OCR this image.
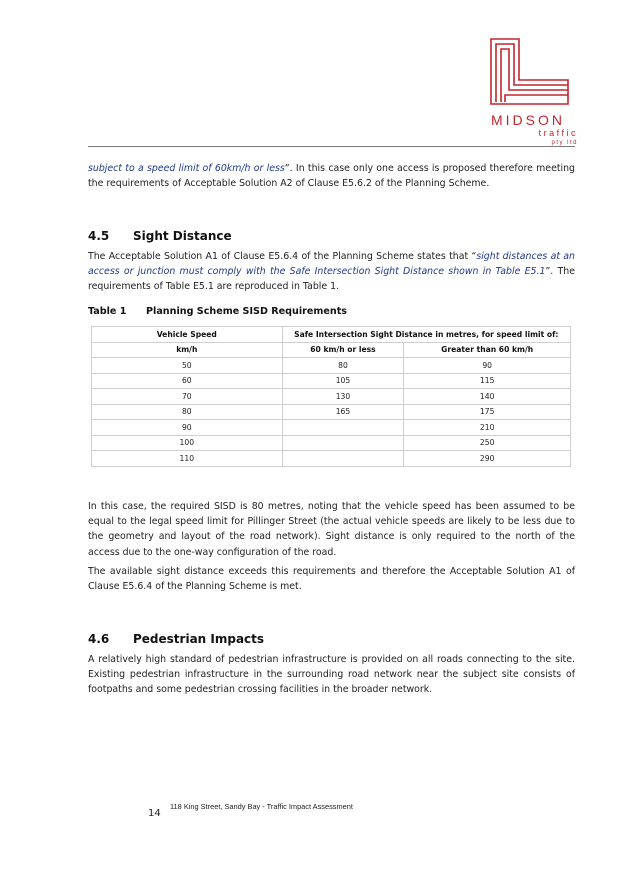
MIDSON
traffic
pty ltd

subject to a speed limit of 60km/h or less”. In this case only one access is proposed therefore meeting the requirements of Acceptable Solution A2 of Clause E5.6.2 of the Planning Scheme.

4.5 Sight Distance

The Acceptable Solution A1 of Clause E5.6.4 of the Planning Scheme states that “sight distances at an access or junction must comply with the Safe Intersection Sight Distance shown in Table E5.1”. The requirements of Table E5.1 are reproduced in Table 1.

Table 1 Planning Scheme SISD Requirements
Vehicle Speed	Safe Intersection Sight Distance in metres, for speed limit of:	
km/h	60 km/h or less	Greater than 60 km/h
50	80	90
60	105	115
70	130	140
80	165	175
90		210
100		250
110		290

In this case, the required SISD is 80 metres, noting that the vehicle speed has been assumed to be equal to the legal speed limit for Pillinger Street (the actual vehicle speeds are likely to be less due to the geometry and layout of the road network). Sight distance is only required to the north of the access due to the one-way configuration of the road.

The available sight distance exceeds this requirements and therefore the Acceptable Solution A1 of Clause E5.6.4 of the Planning Scheme is met.

4.6 Pedestrian Impacts

A relatively high standard of pedestrian infrastructure is provided on all roads connecting to the site. Existing pedestrian infrastructure in the surrounding road network near the subject site consists of footpaths and some pedestrian crossing facilities in the broader network.

14
118 King Street, Sandy Bay - Traffic Impact Assessment
